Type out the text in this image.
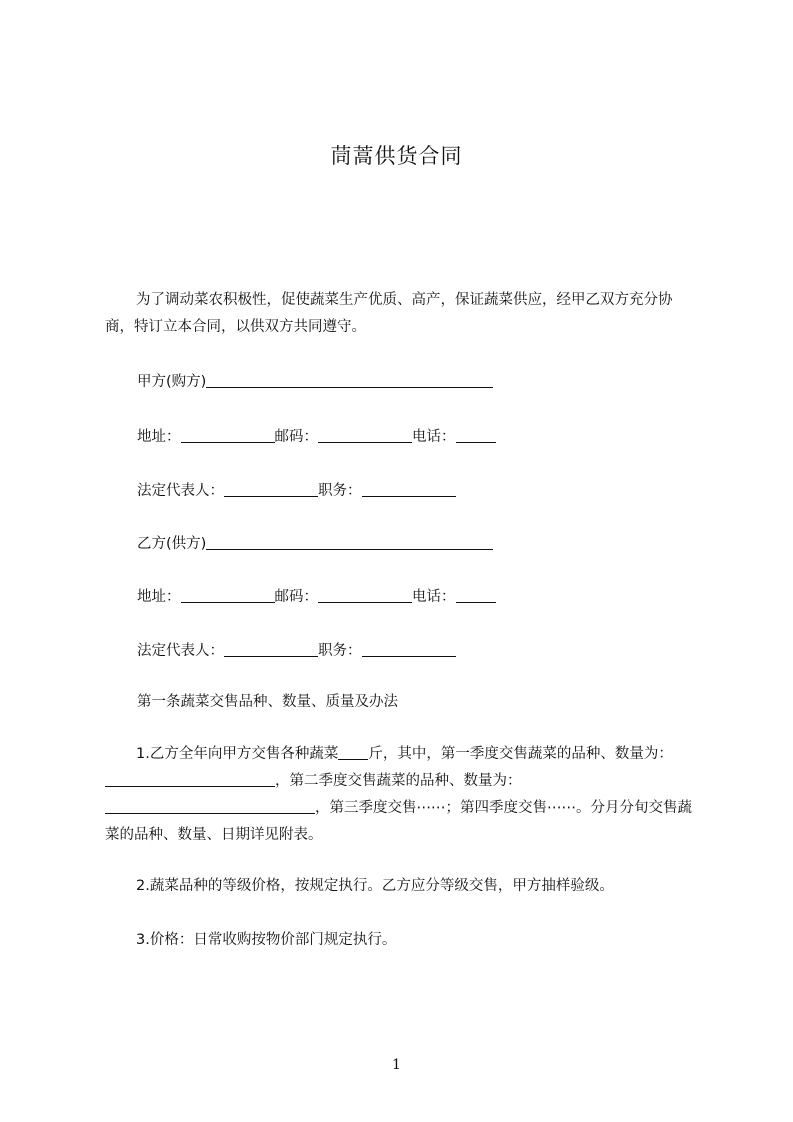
茼蒿供货合同

为了调动菜农积极性，促使蔬菜生产优质、高产，保证蔬菜供应，经甲乙双方充分协商，特订立本合同，以供双方共同遵守。

甲方(购方)
地址：	邮码：	电话：
法定代表人：	职务：
乙方(供方)
地址：	邮码：	电话：
法定代表人：	职务：

第一条蔬菜交售品种、数量、质量及办法

1.乙方全年向甲方交售各种蔬菜 斤，其中，第一季度交售蔬菜的品种、数量为：，第二季度交售蔬菜的品种、数量为：，第三季度交售⋯⋯；第四季度交售⋯⋯。分月分旬交售蔬菜的品种、数量、日期详见附表。

2.蔬菜品种的等级价格，按规定执行。乙方应分等级交售，甲方抽样验级。

3.价格：日常收购按物价部门规定执行。

1
